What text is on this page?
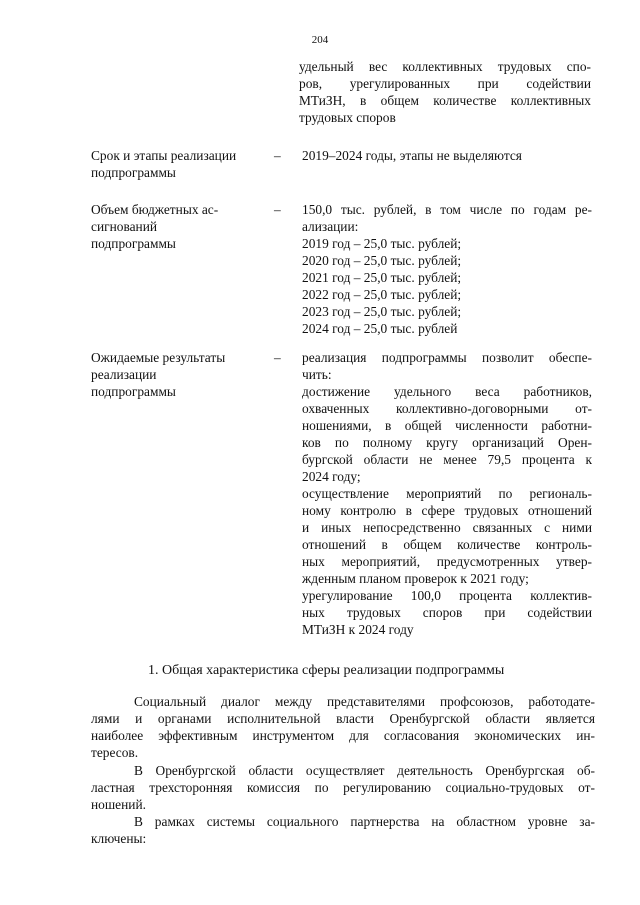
204
удельный вес коллективных трудовых спо-
ров, урегулированных при содействии
МТиЗН, в общем количестве коллективных
трудовых споров
Срок и этапы реализации
подпрограммы
– 2019–2024 годы, этапы не выделяются
Объем бюджетных ас-
сигнований
подпрограммы
– 150,0 тыс. рублей, в том числе по годам ре-
ализации:
2019 год – 25,0 тыс. рублей;
2020 год – 25,0 тыс. рублей;
2021 год – 25,0 тыс. рублей;
2022 год – 25,0 тыс. рублей;
2023 год – 25,0 тыс. рублей;
2024 год – 25,0 тыс. рублей
Ожидаемые результаты
реализации
подпрограммы
– реализация подпрограммы позволит обеспе-
чить:
достижение удельного веса работников,
охваченных коллективно-договорными от-
ношениями, в общей численности работни-
ков по полному кругу организаций Орен-
бургской области не менее 79,5 процента к
2024 году;
осуществление мероприятий по региональ-
ному контролю в сфере трудовых отношений
и иных непосредственно связанных с ними
отношений в общем количестве контроль-
ных мероприятий, предусмотренных утвер-
жденным планом проверок к 2021 году;
урегулирование 100,0 процента коллектив-
ных трудовых споров при содействии
МТиЗН к 2024 году
1. Общая характеристика сферы реализации подпрограммы
Социальный диалог между представителями профсоюзов, работодате-
лями и органами исполнительной власти Оренбургской области является
наиболее эффективным инструментом для согласования экономических ин-
тересов.
В Оренбургской области осуществляет деятельность Оренбургская об-
ластная трехсторонняя комиссия по регулированию социально-трудовых от-
ношений.
В рамках системы социального партнерства на областном уровне за-
ключены:
